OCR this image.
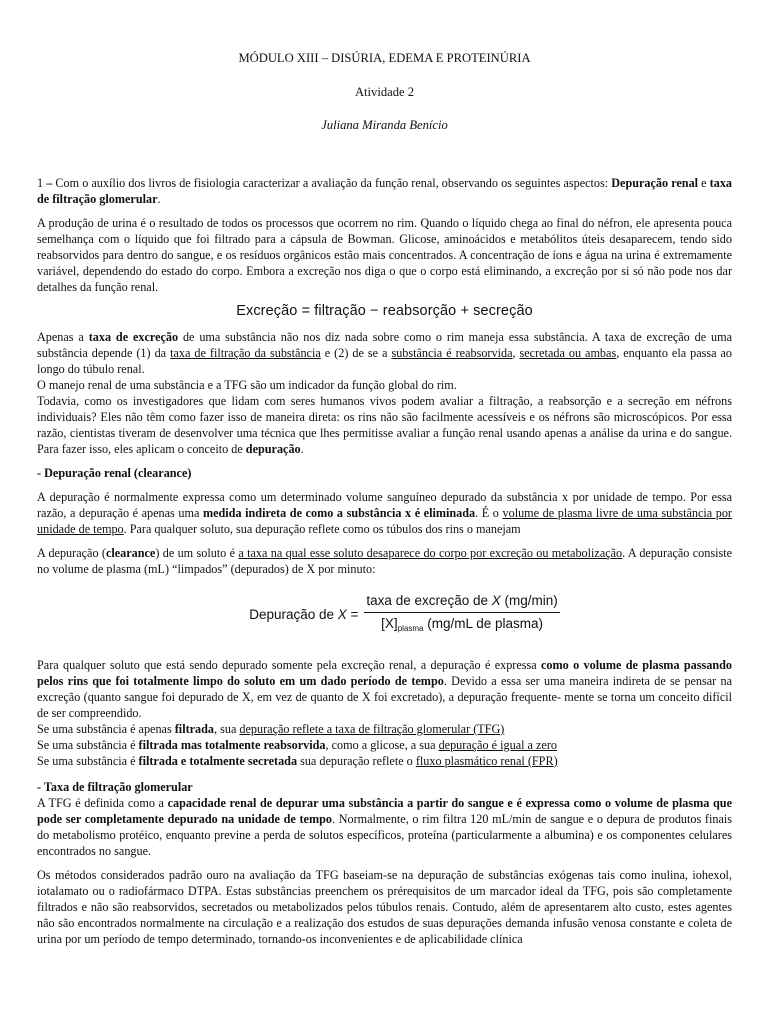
MÓDULO XIII – DISÚRIA, EDEMA E PROTEINÚRIA
Atividade 2
Juliana Miranda Benício

1 – Com o auxílio dos livros de fisiologia caracterizar a avaliação da função renal, observando os seguintes aspectos: Depuração renal e taxa de filtração glomerular.

A produção de urina é o resultado de todos os processos que ocorrem no rim. Quando o líquido chega ao final do néfron, ele apresenta pouca semelhança com o líquido que foi filtrado para a cápsula de Bowman. Glicose, aminoácidos e metabólitos úteis desaparecem, tendo sido reabsorvidos para dentro do sangue, e os resíduos orgânicos estão mais concentrados. A concentração de íons e água na urina é extremamente variável, dependendo do estado do corpo. Embora a excreção nos diga o que o corpo está eliminando, a excreção por si só não pode nos dar detalhes da função renal.

Excreção = filtração − reabsorção + secreção

Apenas a taxa de excreção de uma substância não nos diz nada sobre como o rim maneja essa substância. A taxa de excreção de uma substância depende (1) da taxa de filtração da substância e (2) de se a substância é reabsorvida, secretada ou ambas, enquanto ela passa ao longo do túbulo renal.

O manejo renal de uma substância e a TFG são um indicador da função global do rim.

Todavia, como os investigadores que lidam com seres humanos vivos podem avaliar a filtração, a reabsorção e a secreção em néfrons individuais? Eles não têm como fazer isso de maneira direta: os rins não são facilmente acessíveis e os néfrons são microscópicos. Por essa razão, cientistas tiveram de desenvolver uma técnica que lhes permitisse avaliar a função renal usando apenas a análise da urina e do sangue. Para fazer isso, eles aplicam o conceito de depuração.

- Depuração renal (clearance)

A depuração é normalmente expressa como um determinado volume sanguíneo depurado da substância x por unidade de tempo. Por essa razão, a depuração é apenas uma medida indireta de como a substância x é eliminada. É o volume de plasma livre de uma substância por unidade de tempo. Para qualquer soluto, sua depuração reflete como os túbulos dos rins o manejam

A depuração (clearance) de um soluto é a taxa na qual esse soluto desaparece do corpo por excreção ou metabolização. A depuração consiste no volume de plasma (mL) “limpados” (depurados) de X por minuto:

Depuração de $X = \frac{\text{taxa de excreção de X (mg/min)}}{[X]_{plasma} (mg/mL de plasma)}$

Para qualquer soluto que está sendo depurado somente pela excreção renal, a depuração é expressa como o volume de plasma passando pelos rins que foi totalmente limpo do soluto em um dado período de tempo. Devido a essa ser uma maneira indireta de se pensar na excreção (quanto sangue foi depurado de X, em vez de quanto de X foi excretado), a depuração frequente- mente se torna um conceito difícil de ser compreendido.

Se uma substância é apenas filtrada, sua depuração reflete a taxa de filtração glomerular (TFG)

Se uma substância é filtrada mas totalmente reabsorvida, como a glicose, a sua depuração é igual a zero

Se uma substância é filtrada e totalmente secretada sua depuração reflete o fluxo plasmático renal (FPR)

- Taxa de filtração glomerular

A TFG é definida como a capacidade renal de depurar uma substância a partir do sangue e é expressa como o volume de plasma que pode ser completamente depurado na unidade de tempo. Normalmente, o rim filtra 120 mL/min de sangue e o depura de produtos finais do metabolismo protéico, enquanto previne a perda de solutos específicos, proteína (particularmente a albumina) e os componentes celulares encontrados no sangue.

Os métodos considerados padrão ouro na avaliação da TFG baseiam-se na depuração de substâncias exógenas tais como inulina, iohexol, iotalamato ou o radiofármaco DTPA. Estas substâncias preenchem os prérequisitos de um marcador ideal da TFG, pois são completamente filtrados e não são reabsorvidos, secretados ou metabolizados pelos túbulos renais. Contudo, além de apresentarem alto custo, estes agentes não são encontrados normalmente na circulação e a realização dos estudos de suas depurações demanda infusão venosa constante e coleta de urina por um período de tempo determinado, tornando-os inconvenientes e de aplicabilidade clínica
